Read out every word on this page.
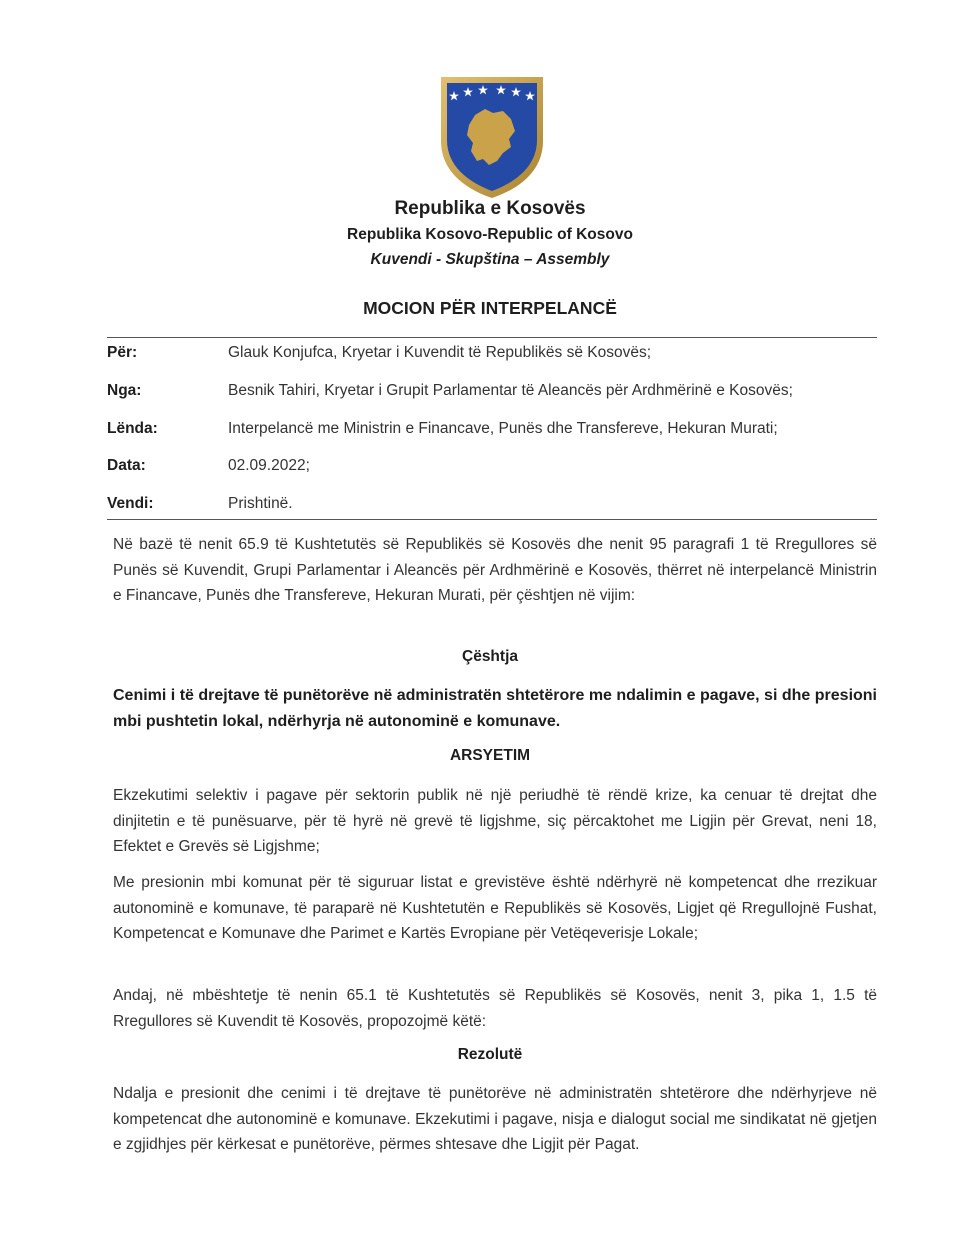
Republika e Kosovës
Republika Kosovo-Republic of Kosovo
Kuvendi - Skupština – Assembly
MOCION PËR INTERPELANCË
Për:	Glauk Konjufca, Kryetar i Kuvendit të Republikës së Kosovës;
Nga:	Besnik Tahiri, Kryetar i Grupit Parlamentar të Aleancës për Ardhmërinë e Kosovës;
Lënda:	Interpelancë me Ministrin e Financave, Punës dhe Transfereve, Hekuran Murati;
Data:	02.09.2022;
Vendi:	Prishtinë.

Në bazë të nenit 65.9 të Kushtetutës së Republikës së Kosovës dhe nenit 95 paragrafi 1 të Rregullores së Punës së Kuvendit, Grupi Parlamentar i Aleancës për Ardhmërinë e Kosovës, thërret në interpelancë Ministrin e Financave, Punës dhe Transfereve, Hekuran Murati, për çështjen në vijim:

Çështja

Cenimi i të drejtave të punëtorëve në administratën shtetërore me ndalimin e pagave, si dhe presioni mbi pushtetin lokal, ndërhyrja në autonominë e komunave.

ARSYETIM

Ekzekutimi selektiv i pagave për sektorin publik në një periudhë të rëndë krize, ka cenuar të drejtat dhe dinjitetin e të punësuarve, për të hyrë në grevë të ligjshme, siç përcaktohet me Ligjin për Grevat, neni 18, Efektet e Grevës së Ligjshme;

Me presionin mbi komunat për të siguruar listat e grevistëve është ndërhyrë në kompetencat dhe rrezikuar autonominë e komunave, të paraparë në Kushtetutën e Republikës së Kosovës, Ligjet që Rregullojnë Fushat, Kompetencat e Komunave dhe Parimet e Kartës Evropiane për Vetëqeverisje Lokale;

Andaj, në mbështetje të nenin 65.1 të Kushtetutës së Republikës së Kosovës, nenit 3, pika 1, 1.5 të Rregullores së Kuvendit të Kosovës, propozojmë këtë:

Rezolutë

Ndalja e presionit dhe cenimi i të drejtave të punëtorëve në administratën shtetërore dhe ndërhyrjeve në kompetencat dhe autonominë e komunave. Ekzekutimi i pagave, nisja e dialogut social me sindikatat në gjetjen e zgjidhjes për kërkesat e punëtorëve, përmes shtesave dhe Ligjit për Pagat.
